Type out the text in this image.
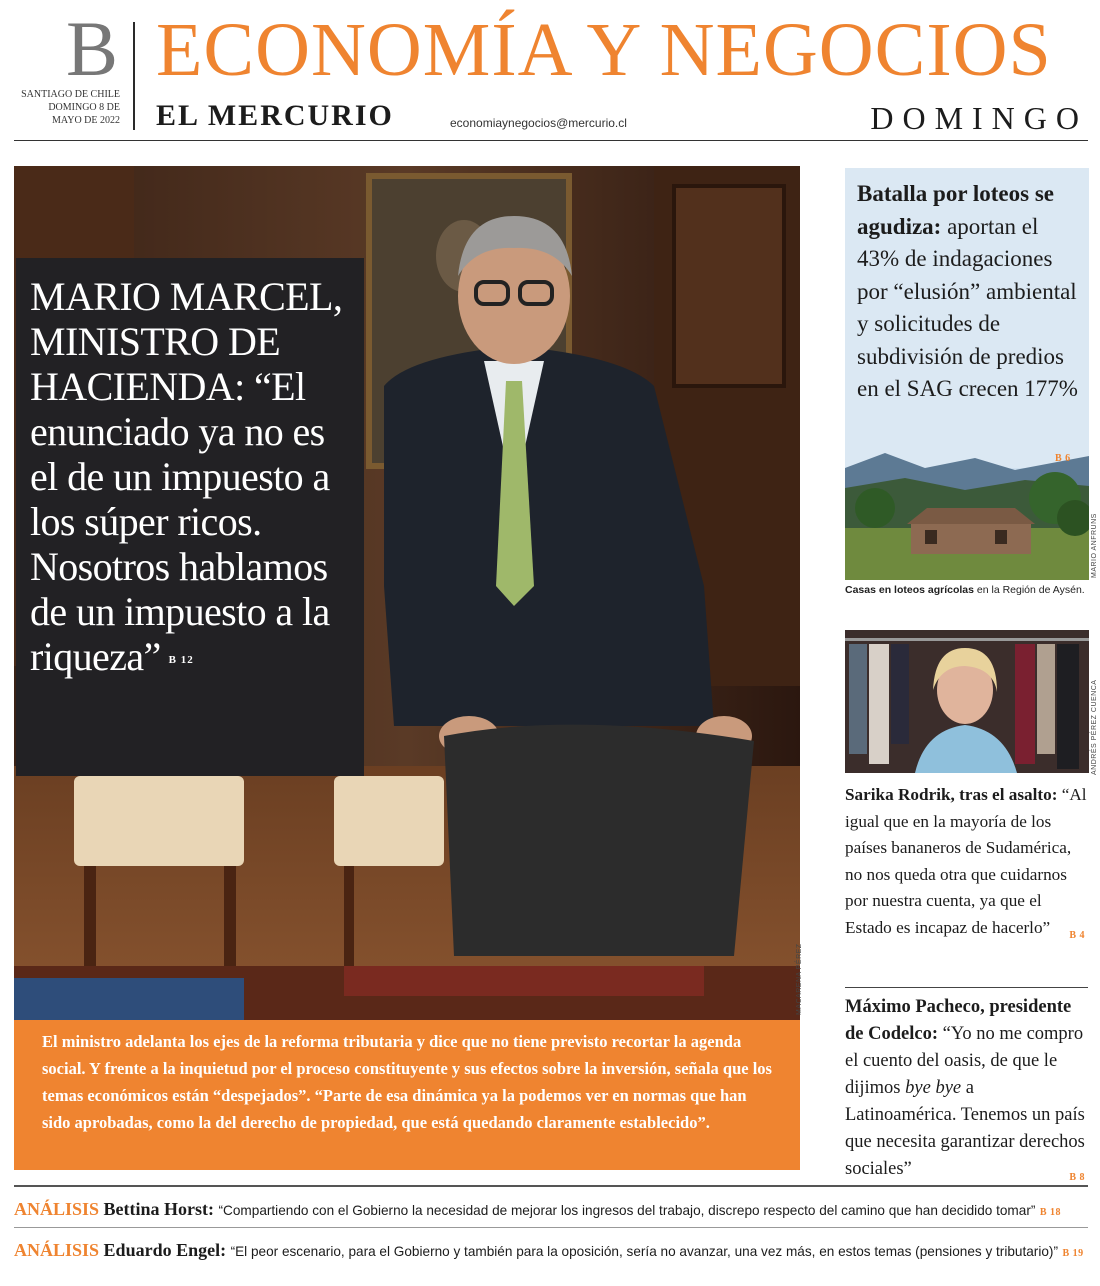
B
SANTIAGO DE CHILE
DOMINGO 8 DE
MAYO DE 2022
ECONOMÍA Y NEGOCIOS
EL MERCURIO	economiaynegocios@mercurio.cl	DOMINGO
MACARENA PÉREZ
MARIO MARCEL, MINISTRO DE HACIENDA: “El enunciado ya no es el de un impuesto a los súper ricos. Nosotros hablamos de un impuesto a la riqueza” B 12

El ministro adelanta los ejes de la reforma tributaria y dice que no tiene previsto recortar la agenda social. Y frente a la inquietud por el proceso constituyente y sus efectos sobre la inversión, señala que los temas económicos están “despejados”. “Parte de esa dinámica ya la podemos ver en normas que han sido aprobadas, como la del derecho de propiedad, que está quedando claramente establecido”.

Batalla por loteos se agudiza: aportan el 43% de indagaciones por “elusión” ambiental y solicitudes de subdivisión de predios en el SAG crecen 177%
B 6
MARIO ANFRUNS
Casas en loteos agrícolas en la Región de Aysén.
ANDRÉS PÉREZ CUENCA
Sarika Rodrik, tras el asalto: “Al igual que en la mayoría de los países bananeros de Sudamérica, no nos queda otra que cuidarnos por nuestra cuenta, ya que el Estado es incapaz de hacerlo” B 4
Máximo Pacheco, presidente de Codelco: “Yo no me compro el cuento del oasis, de que le dijimos bye bye a Latinoamérica. Tenemos un país que necesita garantizar derechos sociales”	B 8
ANÁLISIS Bettina Horst: “Compartiendo con el Gobierno la necesidad de mejorar los ingresos del trabajo, discrepo respecto del camino que han decidido tomar” B 18
ANÁLISIS Eduardo Engel: “El peor escenario, para el Gobierno y también para la oposición, sería no avanzar, una vez más, en estos temas (pensiones y tributario)” B 19
